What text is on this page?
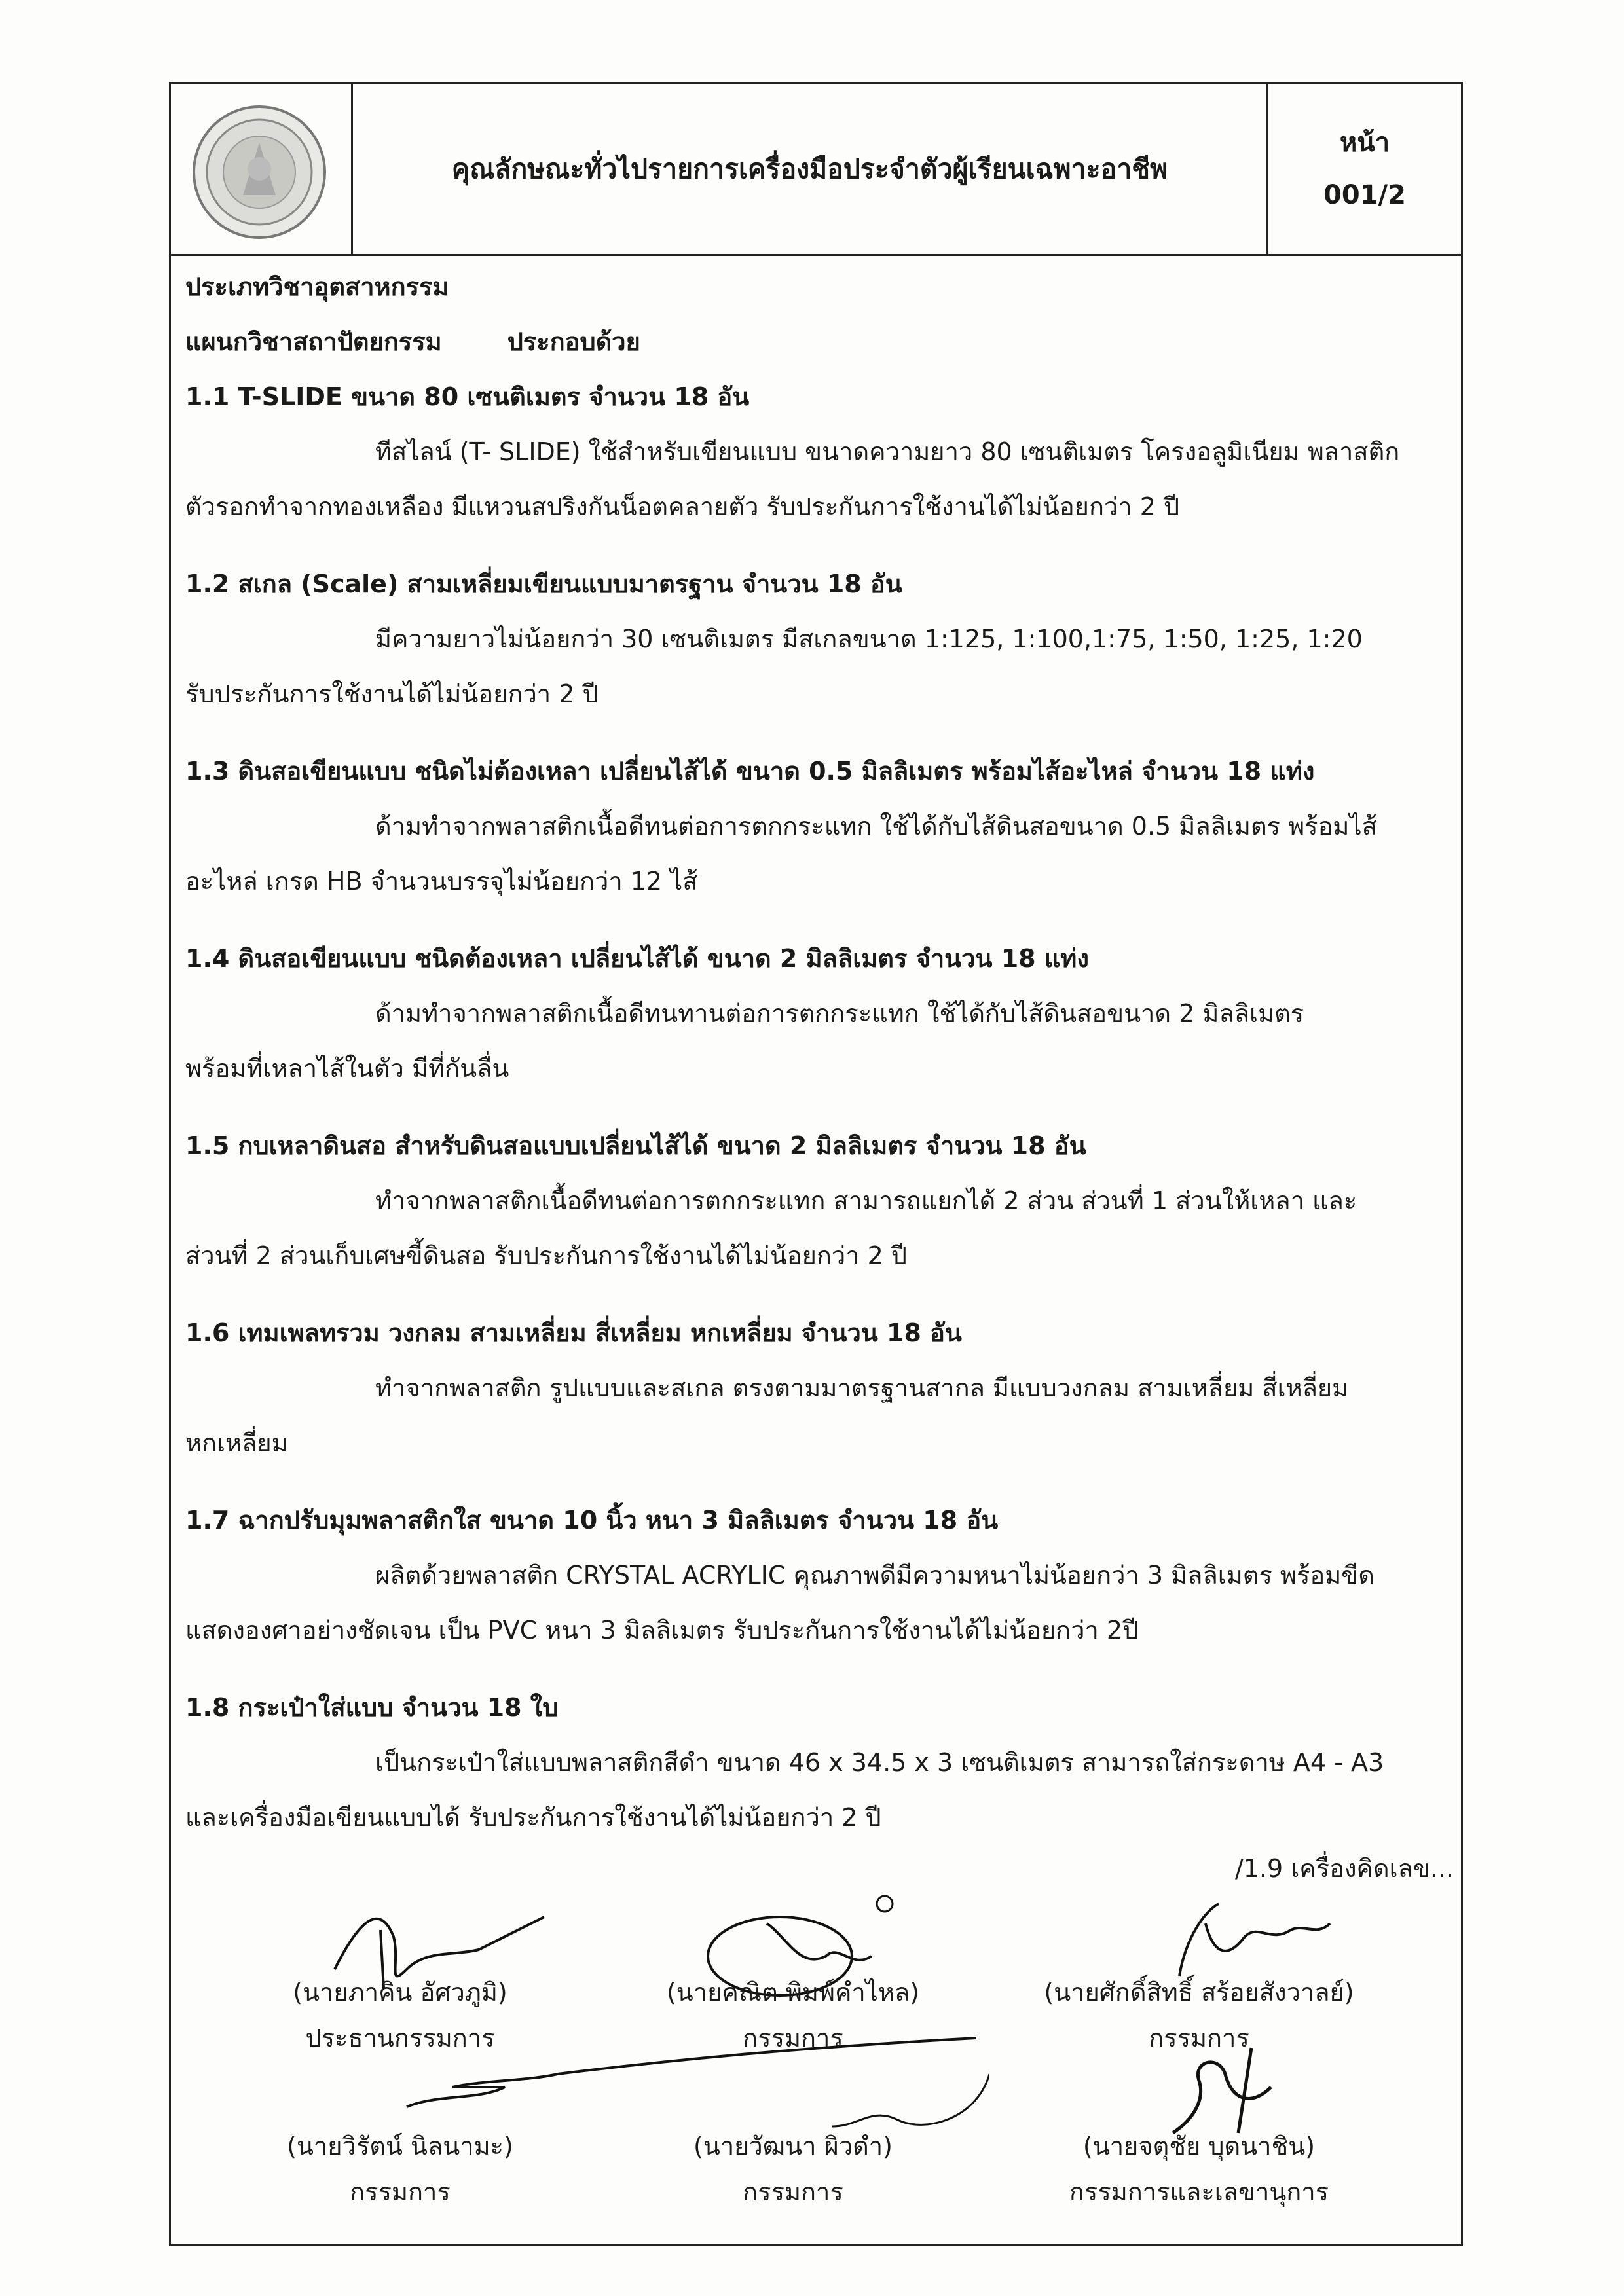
คุณลักษณะทั่วไปรายการเครื่องมือประจำตัวผู้เรียนเฉพาะอาชีพ
หน้า
001/2
ประเภทวิชาอุตสาหกรรม
แผนกวิชาสถาปัตยกรรม	ประกอบด้วย
1.1 T-SLIDE ขนาด 80 เซนติเมตร จำนวน 18 อัน
ทีสไลน์ (T- SLIDE) ใช้สำหรับเขียนแบบ ขนาดความยาว 80 เซนติเมตร โครงอลูมิเนียม พลาสติก
ตัวรอกทำจากทองเหลือง มีแหวนสปริงกันน็อตคลายตัว รับประกันการใช้งานได้ไม่น้อยกว่า 2 ปี
1.2 สเกล (Scale) สามเหลี่ยมเขียนแบบมาตรฐาน จำนวน 18 อัน
มีความยาวไม่น้อยกว่า 30 เซนติเมตร มีสเกลขนาด 1:125, 1:100,1:75, 1:50, 1:25, 1:20
รับประกันการใช้งานได้ไม่น้อยกว่า 2 ปี
1.3 ดินสอเขียนแบบ ชนิดไม่ต้องเหลา เปลี่ยนไส้ได้ ขนาด 0.5 มิลลิเมตร พร้อมไส้อะไหล่ จำนวน 18 แท่ง
ด้ามทำจากพลาสติกเนื้อดีทนต่อการตกกระแทก ใช้ได้กับไส้ดินสอขนาด 0.5 มิลลิเมตร พร้อมไส้
อะไหล่ เกรด HB จำนวนบรรจุไม่น้อยกว่า 12 ไส้
1.4 ดินสอเขียนแบบ ชนิดต้องเหลา เปลี่ยนไส้ได้ ขนาด 2 มิลลิเมตร จำนวน 18 แท่ง
ด้ามทำจากพลาสติกเนื้อดีทนทานต่อการตกกระแทก ใช้ได้กับไส้ดินสอขนาด 2 มิลลิเมตร
พร้อมที่เหลาไส้ในตัว มีที่กันลื่น
1.5 กบเหลาดินสอ สำหรับดินสอแบบเปลี่ยนไส้ได้ ขนาด 2 มิลลิเมตร จำนวน 18 อัน
ทำจากพลาสติกเนื้อดีทนต่อการตกกระแทก สามารถแยกได้ 2 ส่วน ส่วนที่ 1 ส่วนให้เหลา และ
ส่วนที่ 2 ส่วนเก็บเศษขี้ดินสอ รับประกันการใช้งานได้ไม่น้อยกว่า 2 ปี
1.6 เทมเพลทรวม วงกลม สามเหลี่ยม สี่เหลี่ยม หกเหลี่ยม จำนวน 18 อัน
ทำจากพลาสติก รูปแบบและสเกล ตรงตามมาตรฐานสากล มีแบบวงกลม สามเหลี่ยม สี่เหลี่ยม
หกเหลี่ยม
1.7 ฉากปรับมุมพลาสติกใส ขนาด 10 นิ้ว หนา 3 มิลลิเมตร จำนวน 18 อัน
ผลิตด้วยพลาสติก CRYSTAL ACRYLIC คุณภาพดีมีความหนาไม่น้อยกว่า 3 มิลลิเมตร พร้อมขีด
แสดงองศาอย่างชัดเจน เป็น PVC หนา 3 มิลลิเมตร รับประกันการใช้งานได้ไม่น้อยกว่า 2ปี
1.8 กระเป๋าใส่แบบ จำนวน 18 ใบ
เป็นกระเป๋าใส่แบบพลาสติกสีดำ ขนาด 46 x 34.5 x 3 เซนติเมตร สามารถใส่กระดาษ A4 - A3
และเครื่องมือเขียนแบบได้ รับประกันการใช้งานได้ไม่น้อยกว่า 2 ปี
/1.9 เครื่องคิดเลข...
(นายภาคิน อัศวภูมิ)
ประธานกรรมการ
(นายคณิต พิมพ์คำไหล)
กรรมการ
(นายศักดิ์สิทธิ์ สร้อยสังวาลย์)
กรรมการ
(นายวิรัตน์ นิลนามะ)
กรรมการ
(นายวัฒนา ผิวดำ)
กรรมการ
(นายจตุชัย บุดนาชิน)
กรรมการและเลขานุการ
